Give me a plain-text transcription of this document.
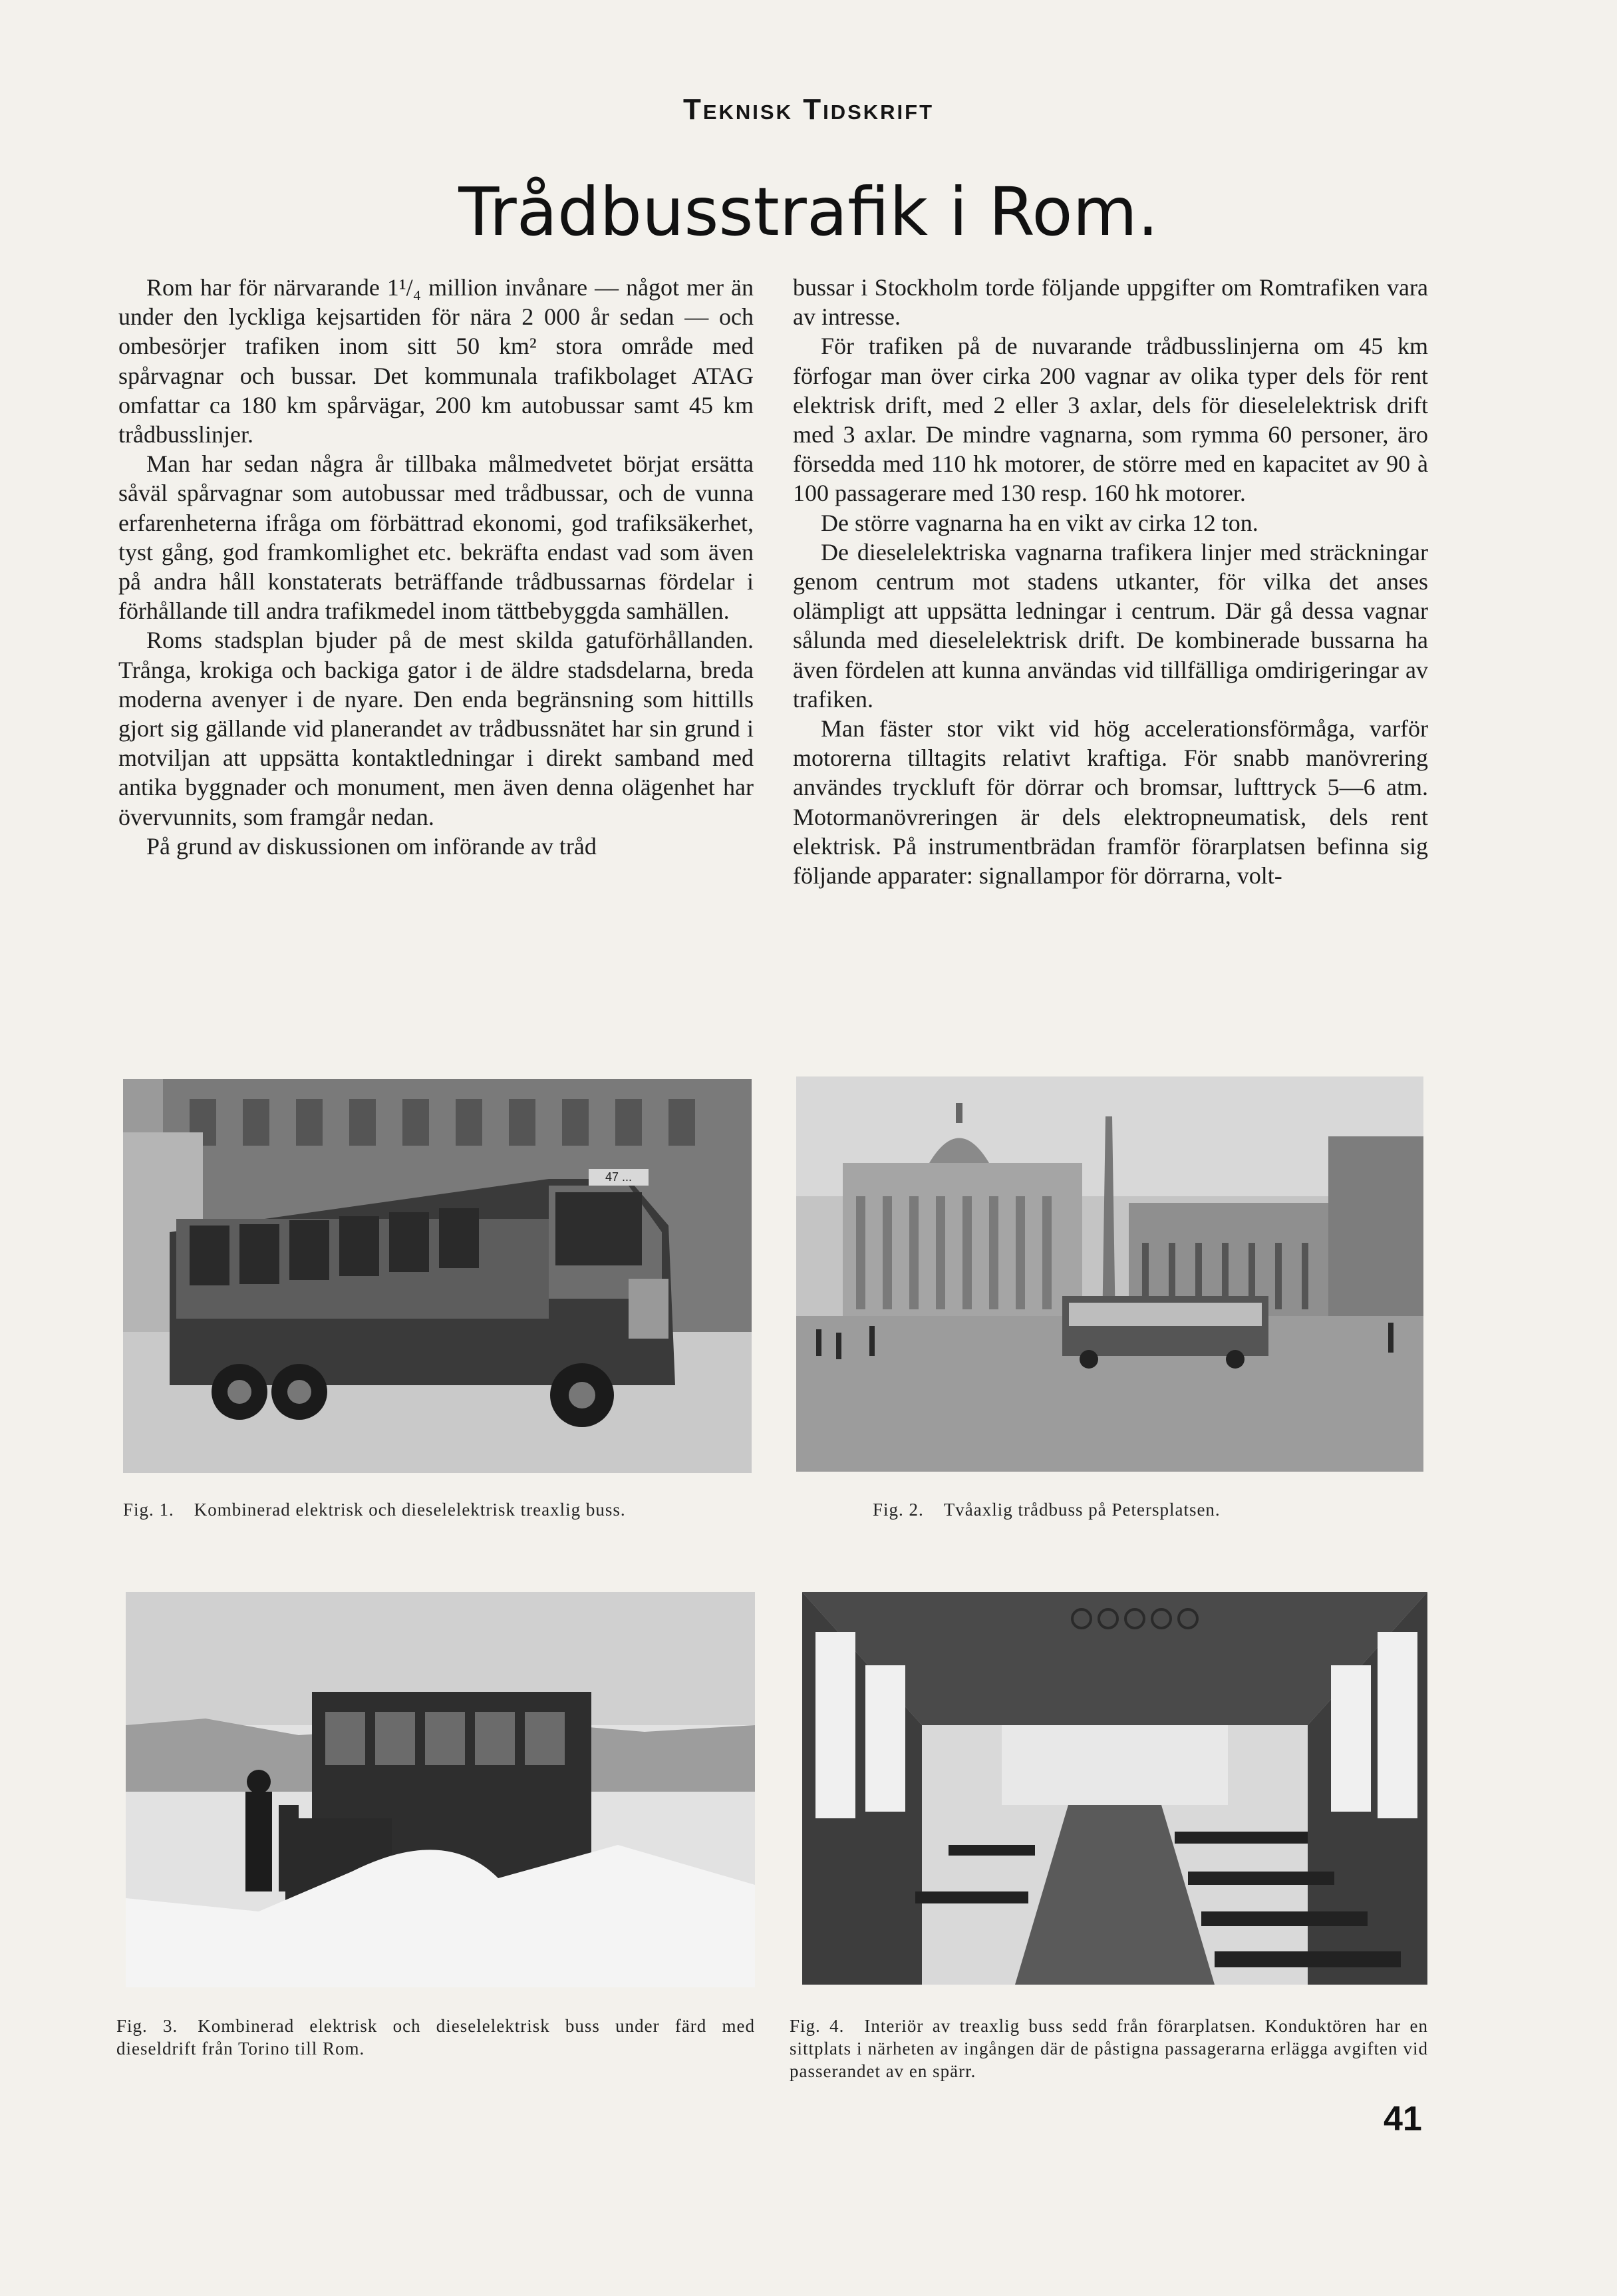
Teknisk Tidskrift
Trådbusstrafik i Rom.

Rom har för närvarande 1¹/₄ million invånare — något mer än under den lyckliga kejsartiden för nära 2 000 år sedan — och ombesörjer trafiken inom sitt 50 km² stora område med spårvagnar och bussar. Det kommunala trafikbolaget ATAG omfattar ca 180 km spårvägar, 200 km autobussar samt 45 km trådbusslinjer.

Man har sedan några år tillbaka målmedvetet börjat ersätta såväl spårvagnar som autobussar med trådbussar, och de vunna erfarenheterna ifråga om förbättrad ekonomi, god trafiksäkerhet, tyst gång, god framkomlighet etc. bekräfta endast vad som även på andra håll konstaterats beträffande trådbussarnas fördelar i förhållande till andra trafikmedel inom tättbebyggda samhällen.

Roms stadsplan bjuder på de mest skilda gatuförhållanden. Trånga, krokiga och backiga gator i de äldre stadsdelarna, breda moderna avenyer i de nyare. Den enda begränsning som hittills gjort sig gällande vid planerandet av trådbussnätet har sin grund i motviljan att uppsätta kontaktledningar i direkt samband med antika byggnader och monument, men även denna olägenhet har övervunnits, som framgår nedan.

På grund av diskussionen om införande av tråd

bussar i Stockholm torde följande uppgifter om Romtrafiken vara av intresse.

För trafiken på de nuvarande trådbusslinjerna om 45 km förfogar man över cirka 200 vagnar av olika typer dels för rent elektrisk drift, med 2 eller 3 axlar, dels för dieselelektrisk drift med 3 axlar. De mindre vagnarna, som rymma 60 personer, äro försedda med 110 hk motorer, de större med en kapacitet av 90 à 100 passagerare med 130 resp. 160 hk motorer.

De större vagnarna ha en vikt av cirka 12 ton.

De dieselelektriska vagnarna trafikera linjer med sträckningar genom centrum mot stadens utkanter, för vilka det anses olämpligt att uppsätta ledningar i centrum. Där gå dessa vagnar sålunda med dieselelektrisk drift. De kombinerade bussarna ha även fördelen att kunna användas vid tillfälliga omdirigeringar av trafiken.

Man fäster stor vikt vid hög accelerationsförmåga, varför motorerna tilltagits relativt kraftiga. För snabb manövrering användes tryckluft för dörrar och bromsar, lufttryck 5—6 atm. Motormanövreringen är dels elektropneumatisk, dels rent elektrisk. På instrumentbrädan framför förarplatsen befinna sig följande apparater: signallampor för dörrarna, volt-

47 ...
Fig. 1. Kombinerad elektrisk och dieselelektrisk treaxlig buss.	Fig. 2. Tvåaxlig trådbuss på Petersplatsen.
Fig. 3. Kombinerad elektrisk och dieselelektrisk buss under färd med dieseldrift från Torino till Rom.
Fig. 4. Interiör av treaxlig buss sedd från förarplatsen. Konduktören har en sittplats i närheten av ingången där de påstigna passagerarna erlägga avgiften vid passerandet av en spärr.
41
